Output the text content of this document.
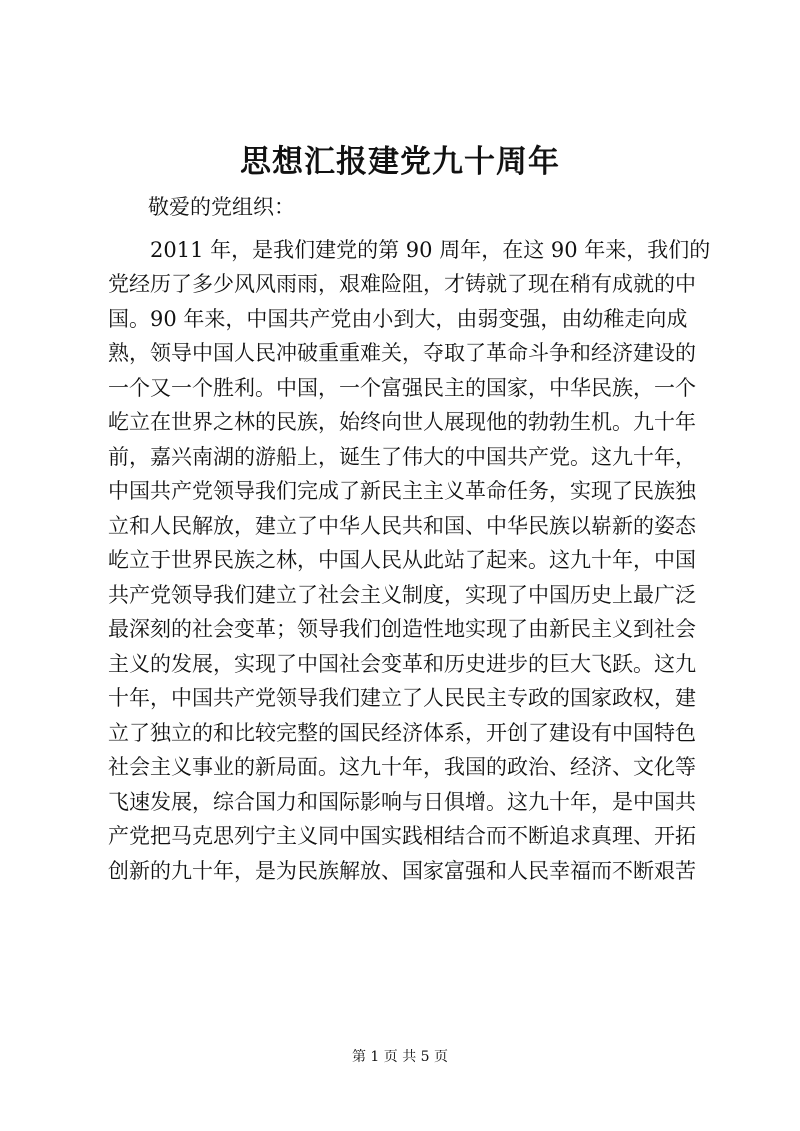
思想汇报建党九十周年
敬爱的党组织：
　　2011 年，是我们建党的第 90 周年，在这 90 年来，我们的
党经历了多少风风雨雨，艰难险阻，才铸就了现在稍有成就的中
国。90 年来，中国共产党由小到大，由弱变强，由幼稚走向成
熟，领导中国人民冲破重重难关，夺取了革命斗争和经济建设的
一个又一个胜利。中国，一个富强民主的国家，中华民族，一个
屹立在世界之林的民族，始终向世人展现他的勃勃生机。九十年
前，嘉兴南湖的游船上，诞生了伟大的中国共产党。这九十年，
中国共产党领导我们完成了新民主主义革命任务，实现了民族独
立和人民解放，建立了中华人民共和国、中华民族以崭新的姿态
屹立于世界民族之林，中国人民从此站了起来。这九十年，中国
共产党领导我们建立了社会主义制度，实现了中国历史上最广泛
最深刻的社会变革；领导我们创造性地实现了由新民主义到社会
主义的发展，实现了中国社会变革和历史进步的巨大飞跃。这九
十年，中国共产党领导我们建立了人民民主专政的国家政权，建
立了独立的和比较完整的国民经济体系，开创了建设有中国特色
社会主义事业的新局面。这九十年，我国的政治、经济、文化等
飞速发展，综合国力和国际影响与日俱增。这九十年，是中国共
产党把马克思列宁主义同中国实践相结合而不断追求真理、开拓
创新的九十年，是为民族解放、国家富强和人民幸福而不断艰苦
第 1 页 共 5 页
